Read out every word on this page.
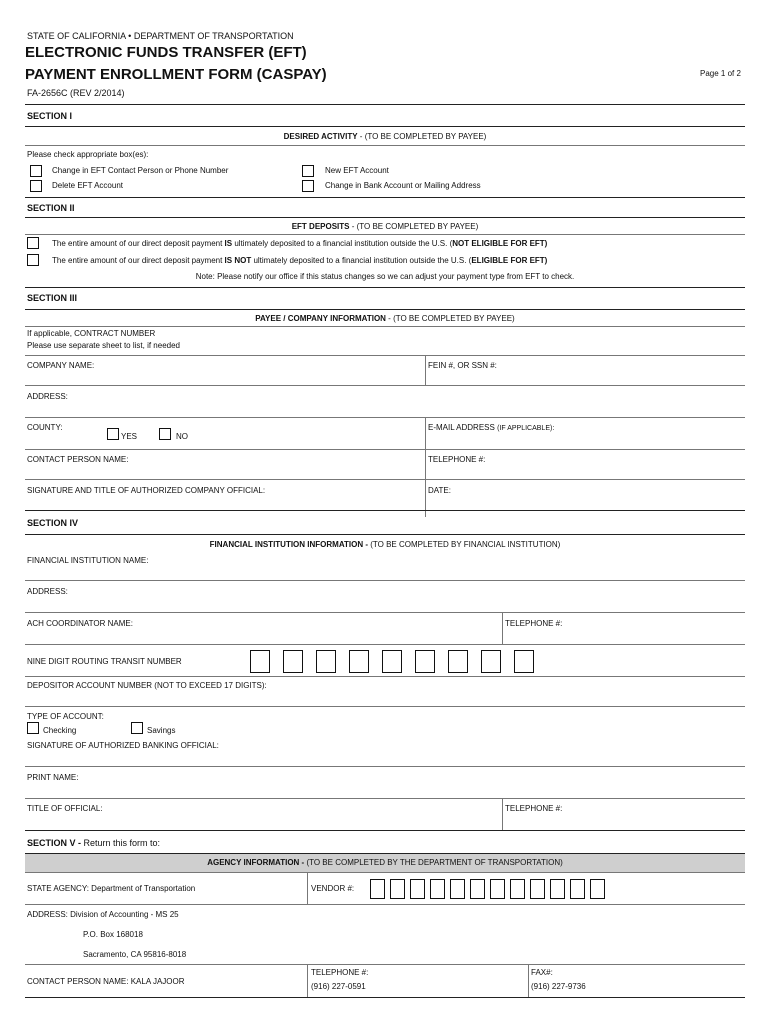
STATE OF CALIFORNIA • DEPARTMENT OF TRANSPORTATION
ELECTRONIC FUNDS TRANSFER (EFT)
PAYMENT ENROLLMENT FORM (CASPAY)	Page 1 of 2
FA-2656C (REV 2/2014)
SECTION I
DESIRED ACTIVITY - (TO BE COMPLETED BY PAYEE)
Please check appropriate box(es):
Change in EFT Contact Person or Phone Number
Delete EFT Account
New EFT Account
Change in Bank Account or Mailing Address
SECTION II
EFT DEPOSITS - (TO BE COMPLETED BY PAYEE)
The entire amount of our direct deposit payment IS ultimately deposited to a financial institution outside the U.S. (NOT ELIGIBLE FOR EFT)
The entire amount of our direct deposit payment IS NOT ultimately deposited to a financial institution outside the U.S. (ELIGIBLE FOR EFT)
Note: Please notify our office if this status changes so we can adjust your payment type from EFT to check.
SECTION III
PAYEE / COMPANY INFORMATION - (TO BE COMPLETED BY PAYEE)
If applicable, CONTRACT NUMBER
Please use separate sheet to list, if needed
COMPANY NAME:	FEIN #, OR SSN #:
ADDRESS:
COUNTY:
YES	NO
E-MAIL ADDRESS (IF APPLICABLE):
CONTACT PERSON NAME:	TELEPHONE #:
SIGNATURE AND TITLE OF AUTHORIZED COMPANY OFFICIAL:	DATE:
SECTION IV
FINANCIAL INSTITUTION INFORMATION - (TO BE COMPLETED BY FINANCIAL INSTITUTION)
FINANCIAL INSTITUTION NAME:
ADDRESS:
ACH COORDINATOR NAME:	TELEPHONE #:
NINE DIGIT ROUTING TRANSIT NUMBER
DEPOSITOR ACCOUNT NUMBER (NOT TO EXCEED 17 DIGITS):
TYPE OF ACCOUNT:
Checking	Savings
SIGNATURE OF AUTHORIZED BANKING OFFICIAL:
PRINT NAME:
TITLE OF OFFICIAL:	TELEPHONE #:
SECTION V - Return this form to:
AGENCY INFORMATION - (TO BE COMPLETED BY THE DEPARTMENT OF TRANSPORTATION)
STATE AGENCY: Department of Transportation	VENDOR #:
ADDRESS: Division of Accounting - MS 25
P.O. Box 168018
Sacramento, CA 95816-8018
CONTACT PERSON NAME: KALA JAJOOR
TELEPHONE #:
(916) 227-0591
FAX#:
(916) 227-9736
